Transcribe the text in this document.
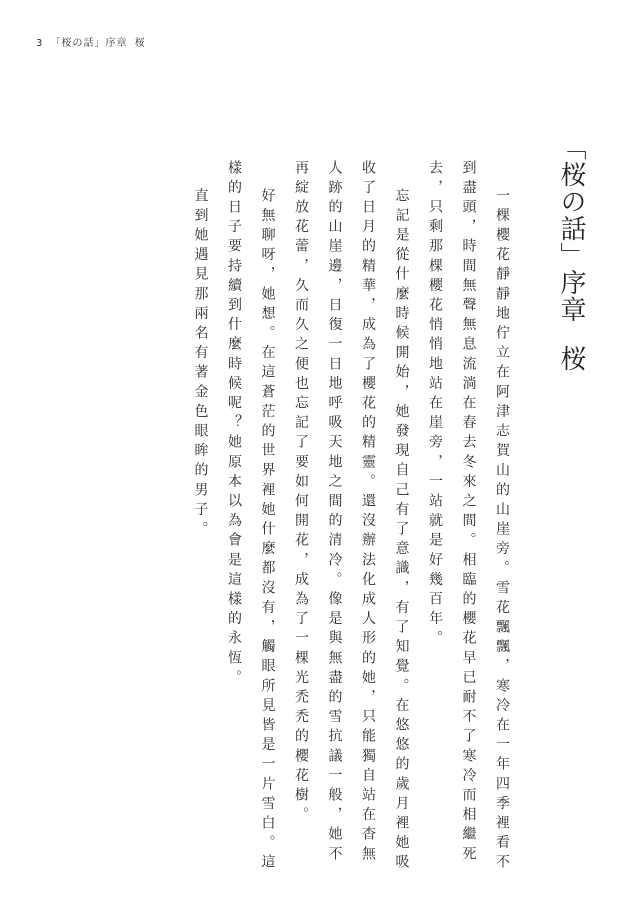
3 「桜の話」序章 桜
「桜の話」序章桜

一棵櫻花靜靜地佇立在阿津志賀山的山崖旁。雪花飄飄，寒冷在一年四季裡看不到盡頭，時間無聲無息流淌在春去冬來之間。相臨的櫻花早已耐不了寒冷而相繼死去，只剩那棵櫻花悄悄地站在崖旁，一站就是好幾百年。

忘記是從什麼時候開始，她發現自己有了意識，有了知覺。在悠悠的歲月裡她吸收了日月的精華，成為了櫻花的精靈。還沒辦法化成人形的她，只能獨自站在杳無人跡的山崖邊，日復一日地呼吸天地之間的清冷。像是與無盡的雪抗議一般，她不再綻放花蕾，久而久之便也忘記了要如何開花，成為了一棵光禿禿的櫻花樹。

好無聊呀，她想。在這蒼茫的世界裡她什麼都沒有，觸眼所見皆是一片雪白。這樣的日子要持續到什麼時候呢？她原本以為會是這樣的永恆。

直到她遇見那兩名有著金色眼眸的男子。
